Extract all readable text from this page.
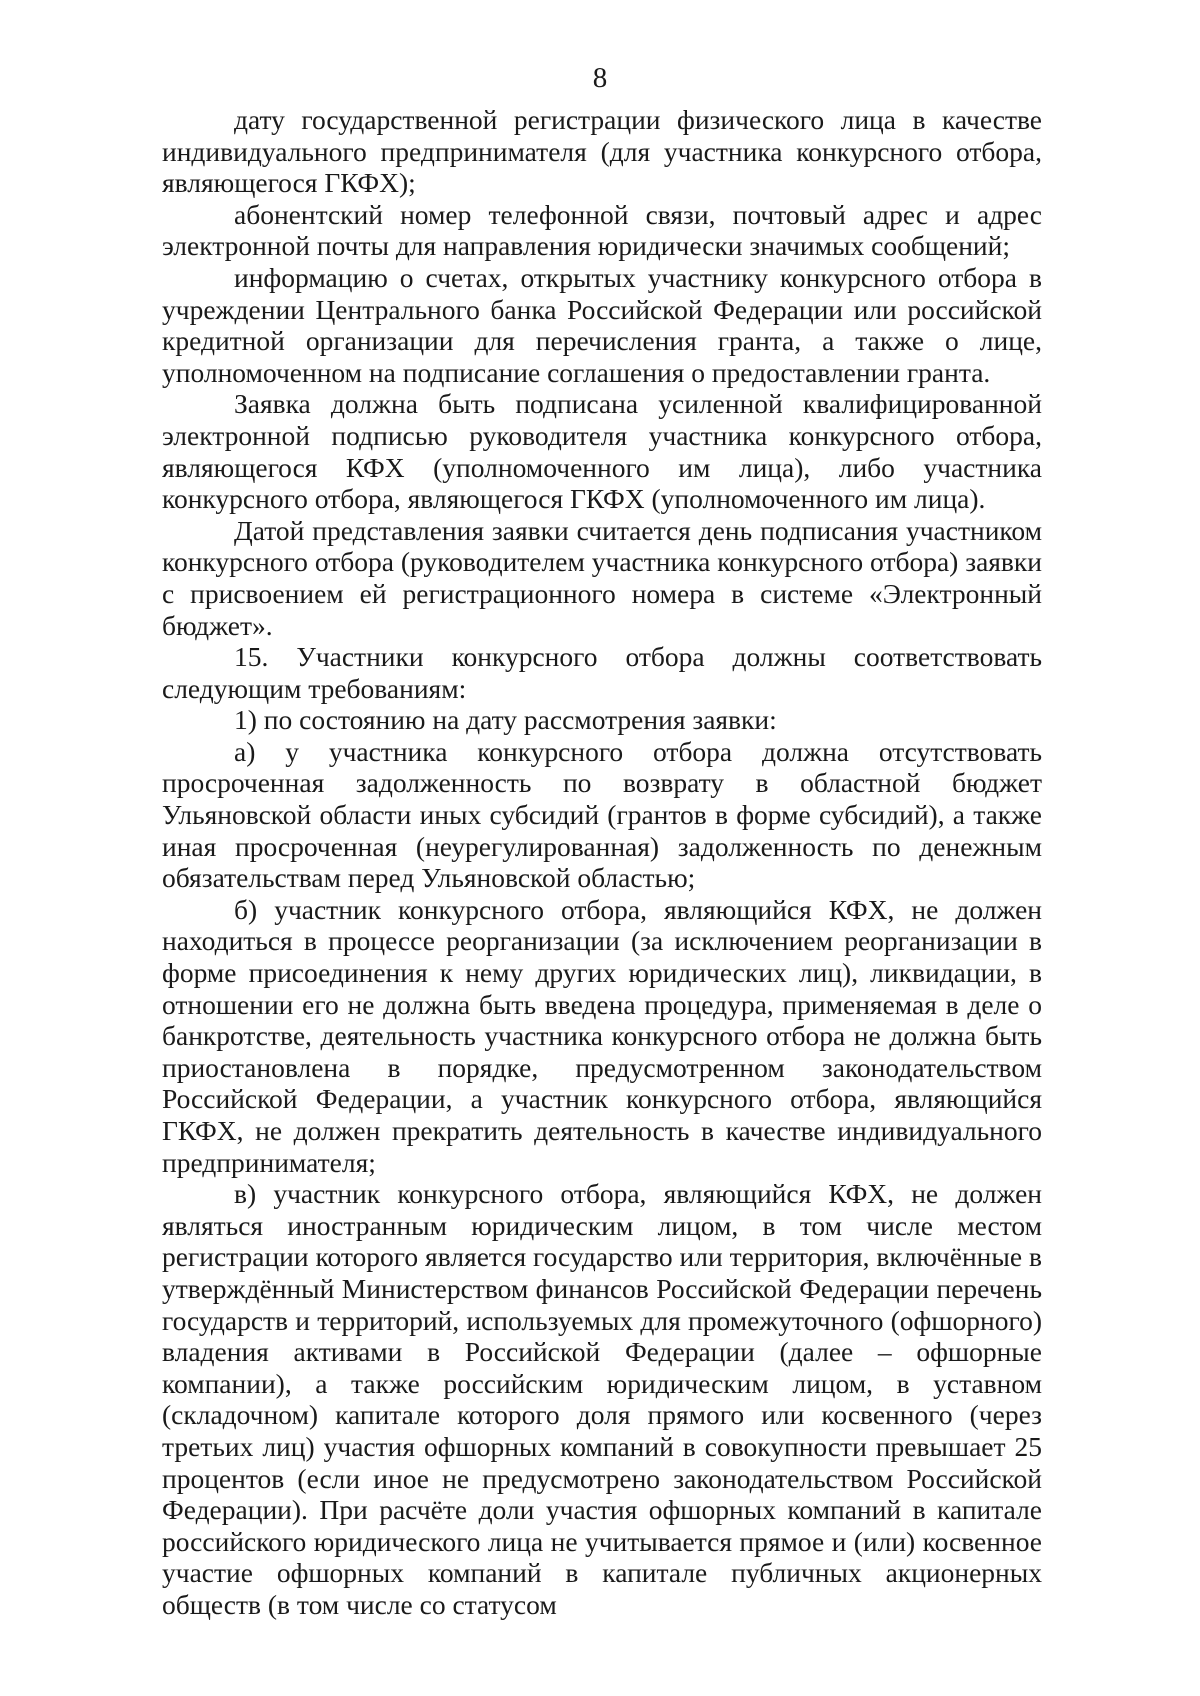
8

дату государственной регистрации физического лица в качестве индивидуального предпринимателя (для участника конкурсного отбора, являющегося ГКФХ);

абонентский номер телефонной связи, почтовый адрес и адрес электронной почты для направления юридически значимых сообщений;

информацию о счетах, открытых участнику конкурсного отбора в учреждении Центрального банка Российской Федерации или российской кредитной организации для перечисления гранта, а также о лице, уполномоченном на подписание соглашения о предоставлении гранта.

Заявка должна быть подписана усиленной квалифицированной электронной подписью руководителя участника конкурсного отбора, являющегося КФХ (уполномоченного им лица), либо участника конкурсного отбора, являющегося ГКФХ (уполномоченного им лица).

Датой представления заявки считается день подписания участником конкурсного отбора (руководителем участника конкурсного отбора) заявки с присвоением ей регистрационного номера в системе «Электронный бюджет».

15. Участники конкурсного отбора должны соответствовать следующим требованиям:

1) по состоянию на дату рассмотрения заявки:

а) у участника конкурсного отбора должна отсутствовать просроченная задолженность по возврату в областной бюджет Ульяновской области иных субсидий (грантов в форме субсидий), а также иная просроченная (неурегулированная) задолженность по денежным обязательствам перед Ульяновской областью;

б) участник конкурсного отбора, являющийся КФХ, не должен находиться в процессе реорганизации (за исключением реорганизации в форме присоединения к нему других юридических лиц), ликвидации, в отношении его не должна быть введена процедура, применяемая в деле о банкротстве, деятельность участника конкурсного отбора не должна быть приостановлена в порядке, предусмотренном законодательством Российской Федерации, а участник конкурсного отбора, являющийся ГКФХ, не должен прекратить деятельность в качестве индивидуального предпринимателя;

в) участник конкурсного отбора, являющийся КФХ, не должен являться иностранным юридическим лицом, в том числе местом регистрации которого является государство или территория, включённые в утверждённый Министерством финансов Российской Федерации перечень государств и территорий, используемых для промежуточного (офшорного) владения активами в Российской Федерации (далее – офшорные компании), а также российским юридическим лицом, в уставном (складочном) капитале которого доля прямого или косвенного (через третьих лиц) участия офшорных компаний в совокупности превышает 25 процентов (если иное не предусмотрено законодательством Российской Федерации). При расчёте доли участия офшорных компаний в капитале российского юридического лица не учитывается прямое и (или) косвенное участие офшорных компаний в капитале публичных акционерных обществ (в том числе со статусом
